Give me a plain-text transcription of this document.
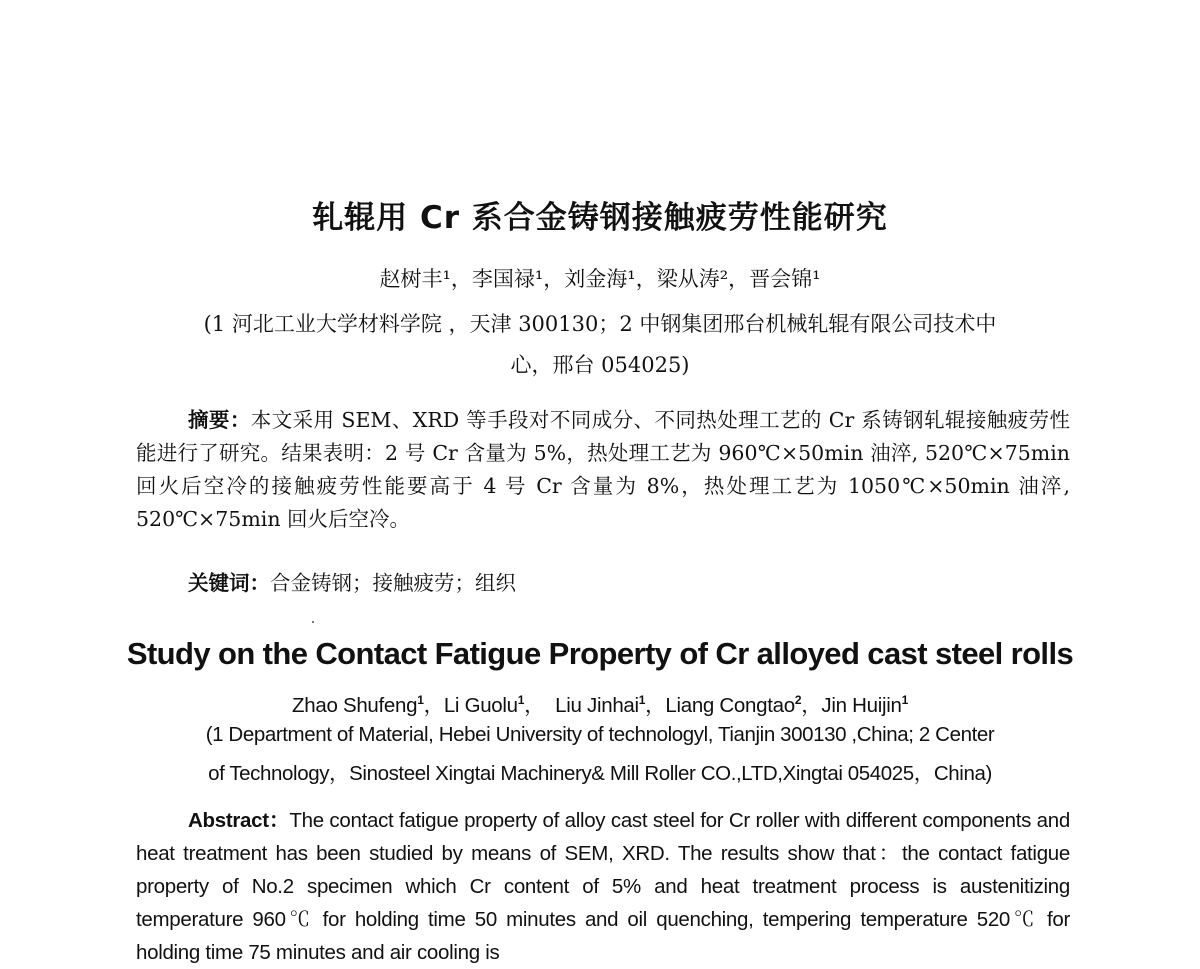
轧辊用 Cr 系合金铸钢接触疲劳性能研究
赵树丰¹，李国禄¹，刘金海¹，梁从涛²，晋会锦¹
(1 河北工业大学材料学院 ，天津 300130；2 中钢集团邢台机械轧辊有限公司技术中
心，邢台 054025)
摘要：本文采用 SEM、XRD 等手段对不同成分、不同热处理工艺的 Cr 系铸钢轧辊接触疲劳性能进行了研究。结果表明：2 号 Cr 含量为 5%，热处理工艺为 960℃×50min 油淬, 520℃×75min 回火后空冷的接触疲劳性能要高于 4 号 Cr 含量为 8%，热处理工艺为 1050℃×50min 油淬, 520℃×75min 回火后空冷。
关键词：合金铸钢；接触疲劳；组织
Study on the Contact Fatigue Property of Cr alloyed cast steel rolls
Zhao Shufeng$^1$，Li Guolu$^1$，  Liu Jinhai$^1$，Liang Congtao$^2$，Jin Huijin$^1$
(1 Department of Material, Hebei University of technologyl, Tianjin 300130 ,China; 2 Center
of Technology，Sinosteel Xingtai Machinery& Mill Roller CO.,LTD,Xingtai 054025，China)
Abstract：The contact fatigue property of alloy cast steel for Cr roller with different components and heat treatment has been studied by means of SEM, XRD. The results show that：the contact fatigue property of No.2 specimen which Cr content of 5% and heat treatment process is austenitizing temperature 960℃ for holding time 50 minutes and oil quenching, tempering temperature 520℃ for holding time 75 minutes and air cooling is
